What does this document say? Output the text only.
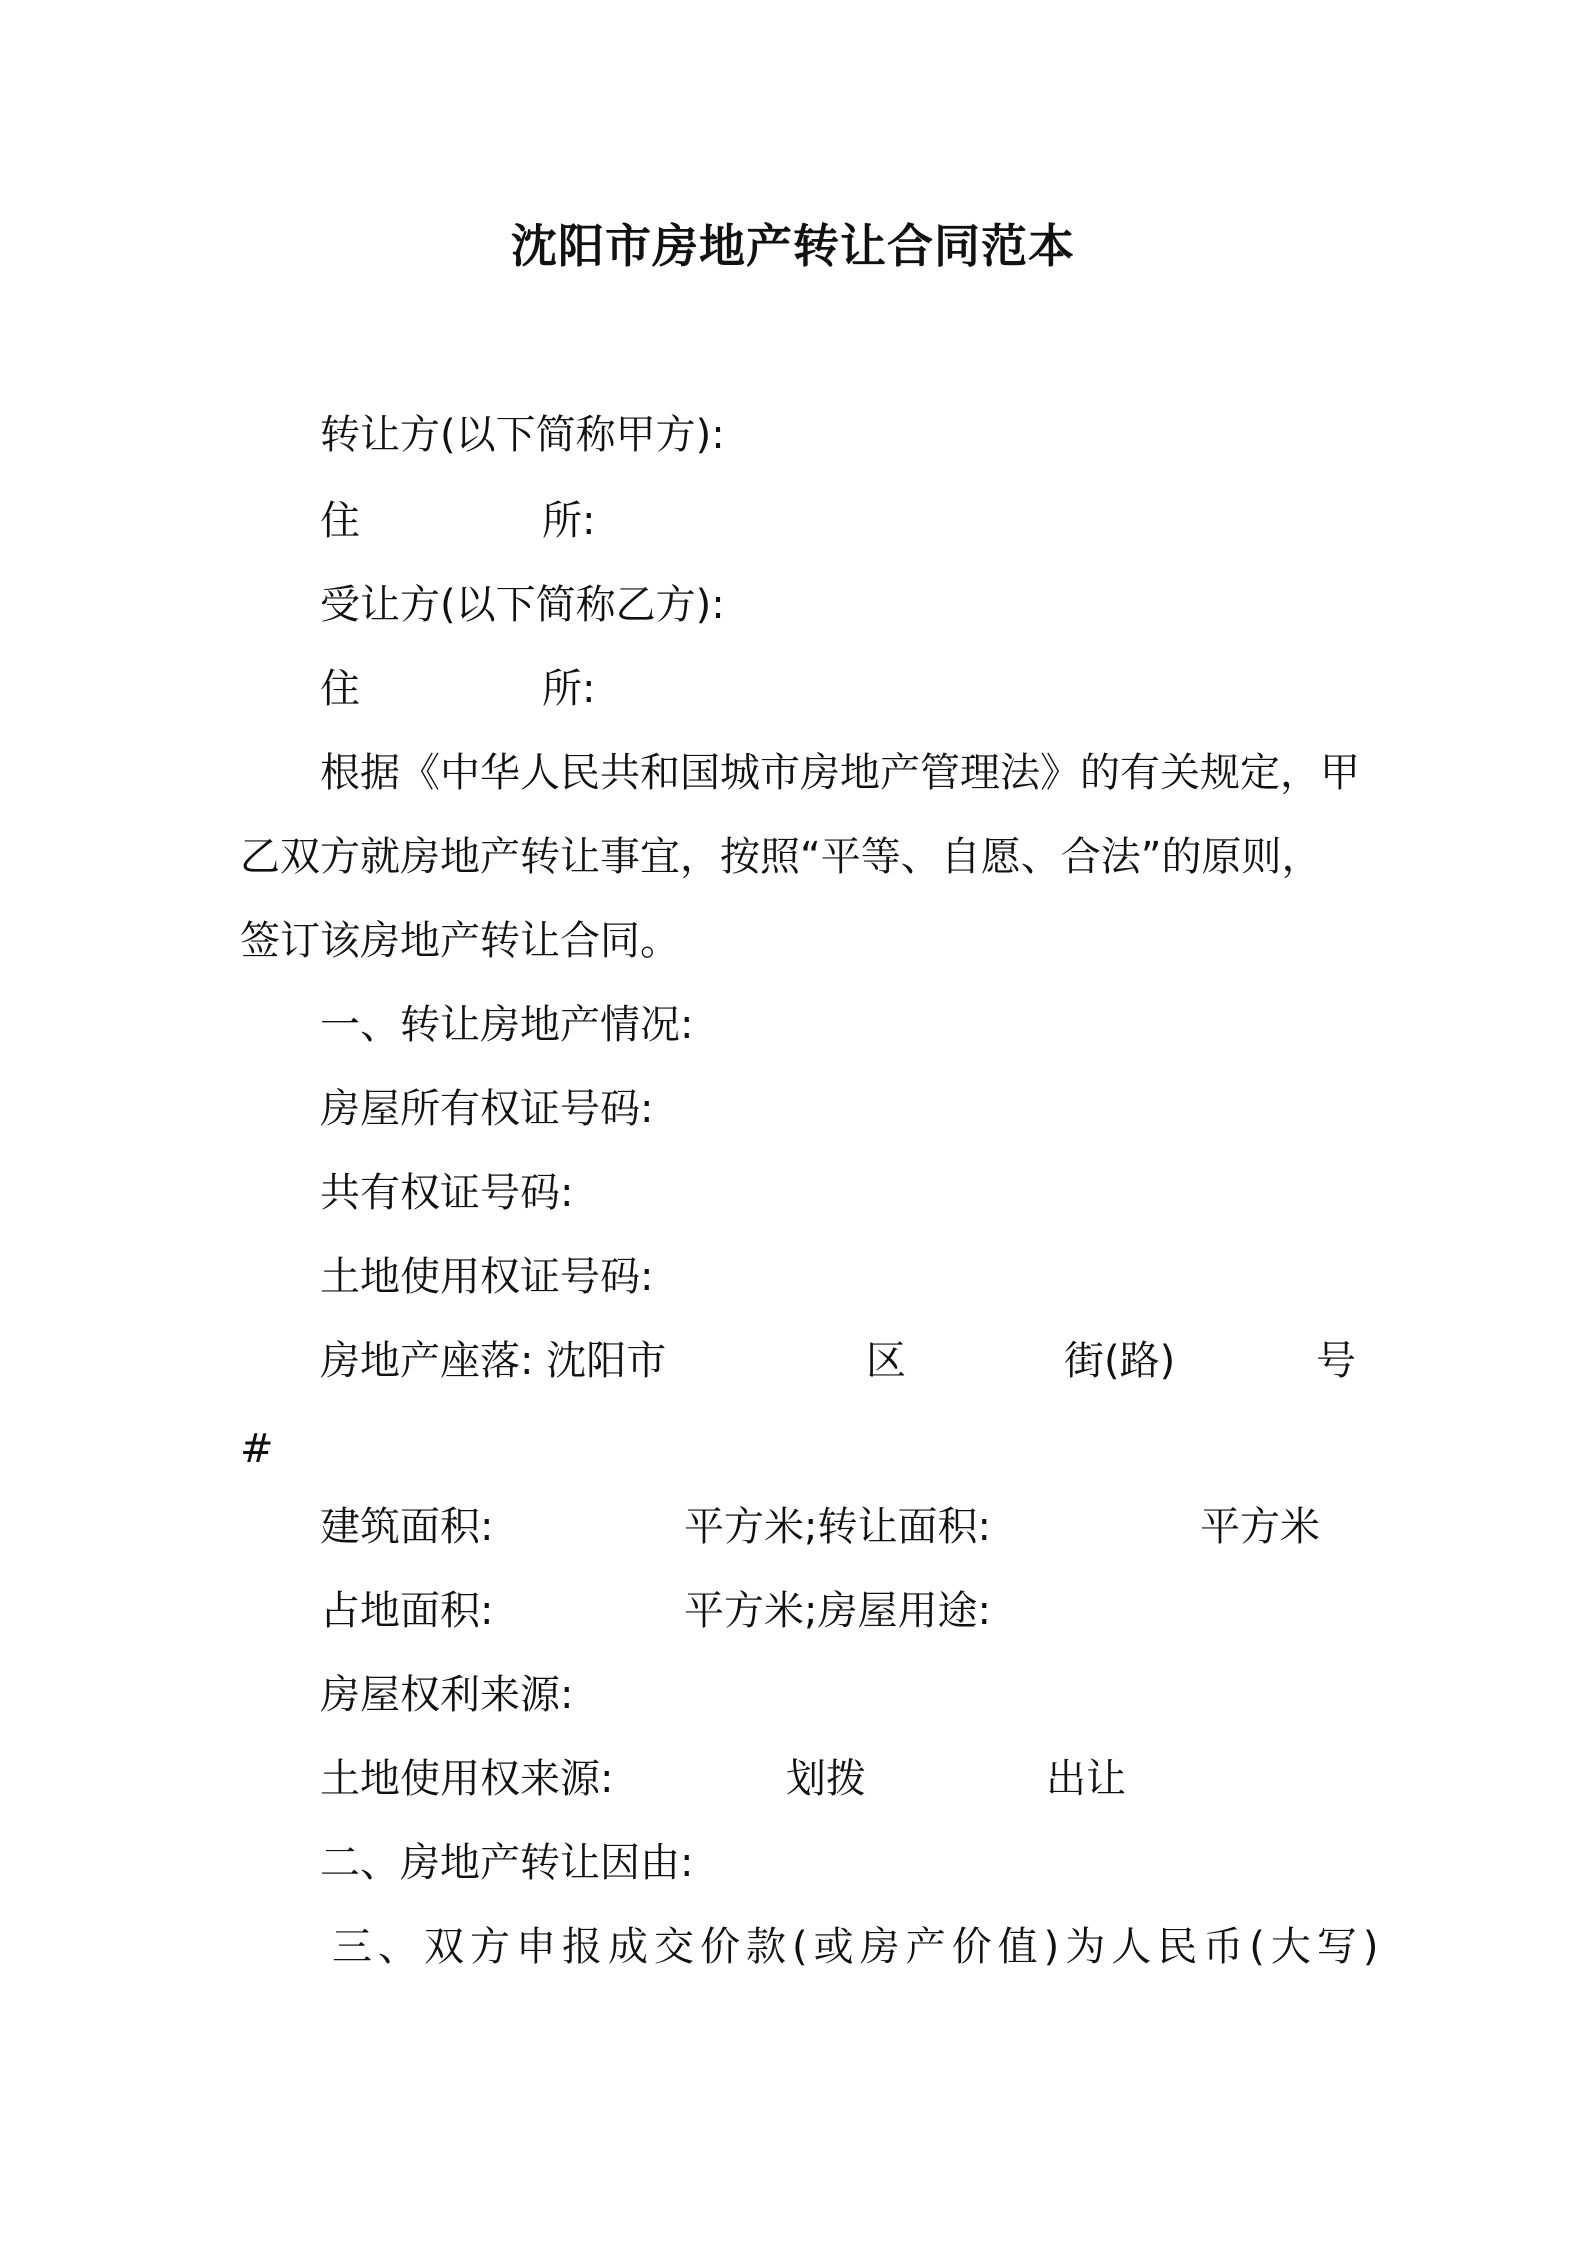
沈阳市房地产转让合同范本
转让方(以下简称甲方):
住	所:
受让方(以下简称乙方):
住	所:
根据《中华人民共和国城市房地产管理法》的有关规定，甲
乙双方就房地产转让事宜，按照“平等、自愿、合法”的原则，
签订该房地产转让合同。
一、转让房地产情况:
房屋所有权证号码:
共有权证号码:
土地使用权证号码:
房地产座落: 沈阳市	区	街(路)	号
#
建筑面积:	平方米;转让面积:	平方米
占地面积:	平方米;房屋用途:
房屋权利来源:
土地使用权来源:	划拨	出让
二、房地产转让因由:
三、双方申报成交价款(或房产价值)为人民币(大写)
